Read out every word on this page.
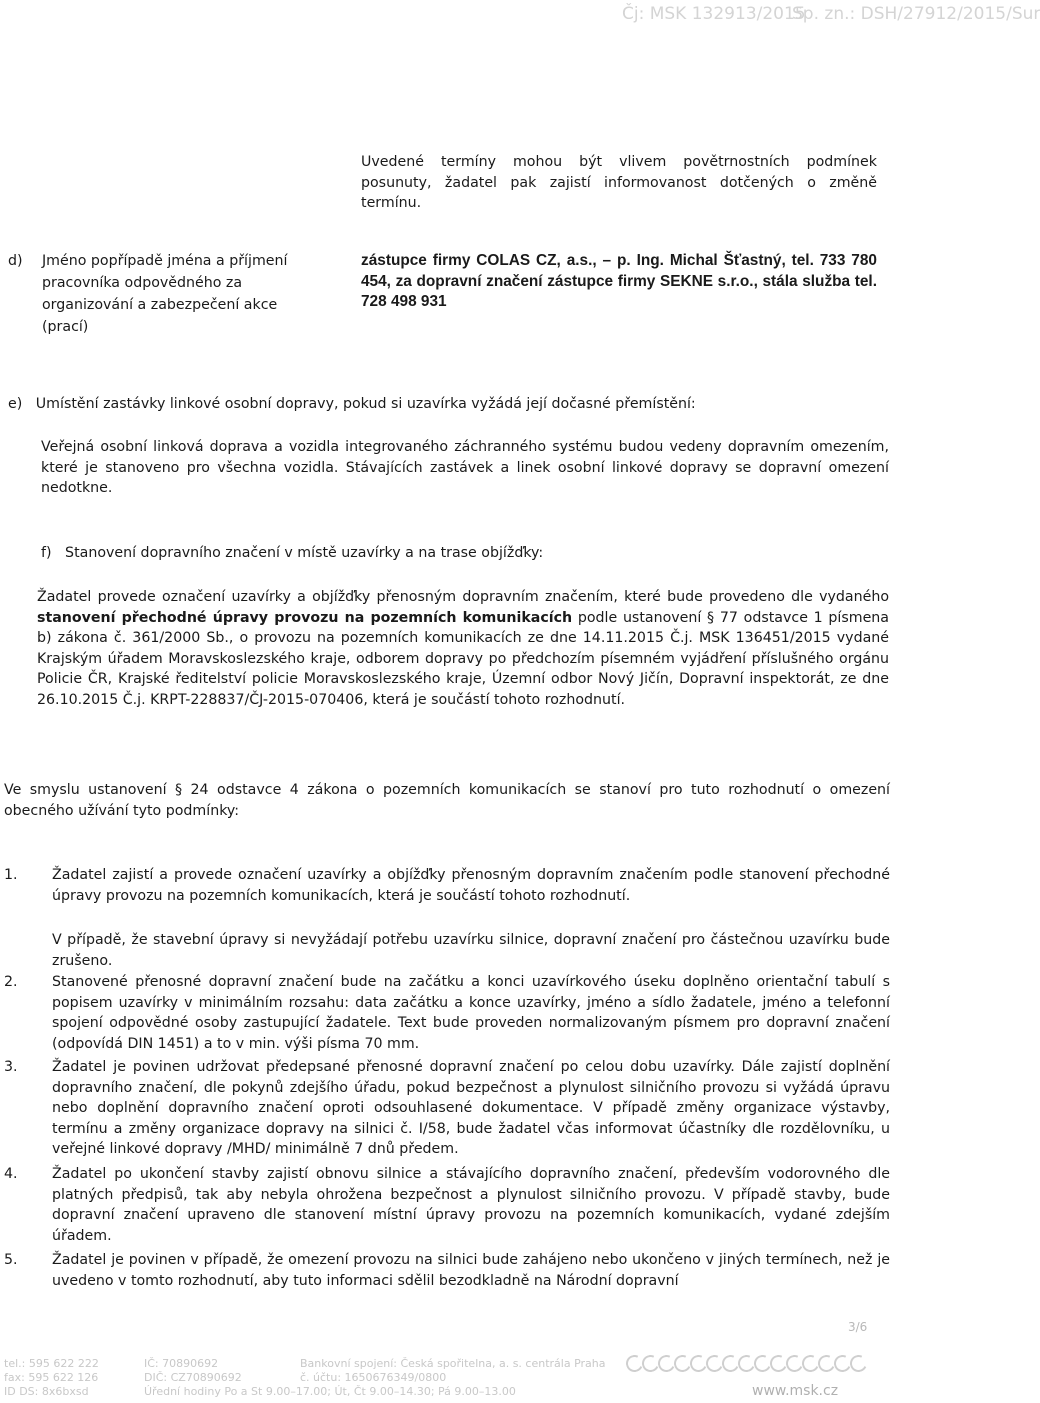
Čj: MSK 132913/2015
Sp. zn.: DSH/27912/2015/Sur

Uvedené termíny mohou být vlivem povětrnostních podmínek posunuty, žadatel pak zajistí informovanost dotčených o změně termínu.

d) Jméno popřípadě jména a příjmení pracovníka odpovědného za organizování a zabezpečení akce (prací)
zástupce firmy COLAS CZ, a.s., – p. Ing. Michal Šťastný, tel. 733 780 454, za dopravní značení zástupce firmy SEKNE s.r.o., stála služba tel. 728 498 931
e)   Umístění zastávky linkové osobní dopravy, pokud si uzavírka vyžádá její dočasné přemístění:

Veřejná osobní linková doprava a vozidla integrovaného záchranného systému budou vedeny dopravním omezením, které je stanoveno pro všechna vozidla. Stávajících zastávek a linek osobní linkové dopravy se dopravní omezení nedotkne.

f)   Stanovení dopravního značení v místě uzavírky a na trase objížďky:

Žadatel provede označení uzavírky a objížďky přenosným dopravním značením, které bude provedeno dle vydaného stanovení přechodné úpravy provozu na pozemních komunikacích podle ustanovení § 77 odstavce 1 písmena b) zákona č. 361/2000 Sb., o provozu na pozemních komunikacích ze dne 14.11.2015 Č.j. MSK 136451/2015 vydané Krajským úřadem Moravskoslezského kraje, odborem dopravy po předchozím písemném vyjádření příslušného orgánu Policie ČR, Krajské ředitelství policie Moravskoslezského kraje, Územní odbor Nový Jičín, Dopravní inspektorát, ze dne 26.10.2015 Č.j. KRPT-228837/ČJ-2015-070406, která je součástí tohoto rozhodnutí.

Ve smyslu ustanovení § 24 odstavce 4 zákona o pozemních komunikacích se stanoví pro tuto rozhodnutí o omezení obecného užívání tyto podmínky:

1. Žadatel zajistí a provede označení uzavírky a objížďky přenosným dopravním značením podle stanovení přechodné úpravy provozu na pozemních komunikacích, která je součástí tohoto rozhodnutí.

V případě, že stavební úpravy si nevyžádají potřebu uzavírku silnice, dopravní značení pro částečnou uzavírku bude zrušeno.

2. Stanovené přenosné dopravní značení bude na začátku a konci uzavírkového úseku doplněno orientační tabulí s popisem uzavírky v minimálním rozsahu: data začátku a konce uzavírky, jméno a sídlo žadatele, jméno a telefonní spojení odpovědné osoby zastupující žadatele. Text bude proveden normalizovaným písmem pro dopravní značení (odpovídá DIN 1451) a to v min. výši písma 70 mm.

3. Žadatel je povinen udržovat předepsané přenosné dopravní značení po celou dobu uzavírky. Dále zajistí doplnění dopravního značení, dle pokynů zdejšího úřadu, pokud bezpečnost a plynulost silničního provozu si vyžádá úpravu nebo doplnění dopravního značení oproti odsouhlasené dokumentace. V případě změny organizace výstavby, termínu a změny organizace dopravy na silnici č. I/58, bude žadatel včas informovat účastníky dle rozdělovníku, u veřejné linkové dopravy /MHD/ minimálně 7 dnů předem.

4. Žadatel po ukončení stavby zajistí obnovu silnice a stávajícího dopravního značení, především vodorovného dle platných předpisů, tak aby nebyla ohrožena bezpečnost a plynulost silničního provozu. V případě stavby, bude dopravní značení upraveno dle stanovení místní úpravy provozu na pozemních komunikacích, vydané zdejším úřadem.

5. Žadatel je povinen v případě, že omezení provozu na silnici bude zahájeno nebo ukončeno v jiných termínech, než je uvedeno v tomto rozhodnutí, aby tuto informaci sdělil bezodkladně na Národní dopravní

3/6
tel.: 595 622 222
fax: 595 622 126
ID DS: 8x6bxsd
IČ: 70890692
DIČ: CZ70890692
Úřední hodiny Po a St 9.00–17.00; Út, Čt 9.00–14.30; Pá 9.00–13.00
Bankovní spojení: Česká spořitelna, a. s. centrála Praha
č. účtu: 1650676349/0800
www.msk.cz
